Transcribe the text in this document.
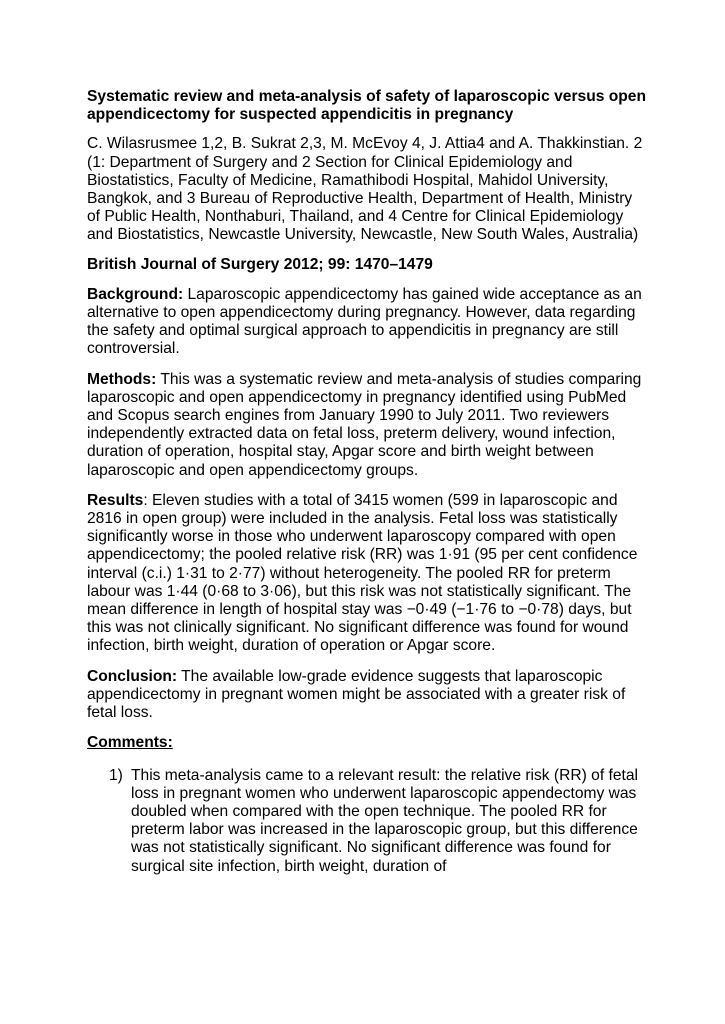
Systematic review and meta-analysis of safety of laparoscopic versus open appendicectomy for suspected appendicitis in pregnancy

C. Wilasrusmee 1,2, B. Sukrat 2,3, M. McEvoy 4, J. Attia4 and A. Thakkinstian. 2 (1: Department of Surgery and 2 Section for Clinical Epidemiology and Biostatistics, Faculty of Medicine, Ramathibodi Hospital, Mahidol University, Bangkok, and 3 Bureau of Reproductive Health, Department of Health, Ministry of Public Health, Nonthaburi, Thailand, and 4 Centre for Clinical Epidemiology and Biostatistics, Newcastle University, Newcastle, New South Wales, Australia)

British Journal of Surgery 2012; 99: 1470–1479

Background: Laparoscopic appendicectomy has gained wide acceptance as an alternative to open appendicectomy during pregnancy. However, data regarding the safety and optimal surgical approach to appendicitis in pregnancy are still controversial.

Methods: This was a systematic review and meta-analysis of studies comparing laparoscopic and open appendicectomy in pregnancy identified using PubMed and Scopus search engines from January 1990 to July 2011. Two reviewers independently extracted data on fetal loss, preterm delivery, wound infection, duration of operation, hospital stay, Apgar score and birth weight between laparoscopic and open appendicectomy groups.

Results: Eleven studies with a total of 3415 women (599 in laparoscopic and 2816 in open group) were included in the analysis. Fetal loss was statistically significantly worse in those who underwent laparoscopy compared with open appendicectomy; the pooled relative risk (RR) was 1·91 (95 per cent confidence interval (c.i.) 1·31 to 2·77) without heterogeneity. The pooled RR for preterm labour was 1·44 (0·68 to 3·06), but this risk was not statistically significant. The mean difference in length of hospital stay was −0·49 (−1·76 to −0·78) days, but this was not clinically significant. No significant difference was found for wound infection, birth weight, duration of operation or Apgar score.

Conclusion: The available low-grade evidence suggests that laparoscopic appendicectomy in pregnant women might be associated with a greater risk of fetal loss.

Comments:

1) This meta-analysis came to a relevant result: the relative risk (RR) of fetal loss in pregnant women who underwent laparoscopic appendectomy was doubled when compared with the open technique. The pooled RR for preterm labor was increased in the laparoscopic group, but this difference was not statistically significant. No significant difference was found for surgical site infection, birth weight, duration of
